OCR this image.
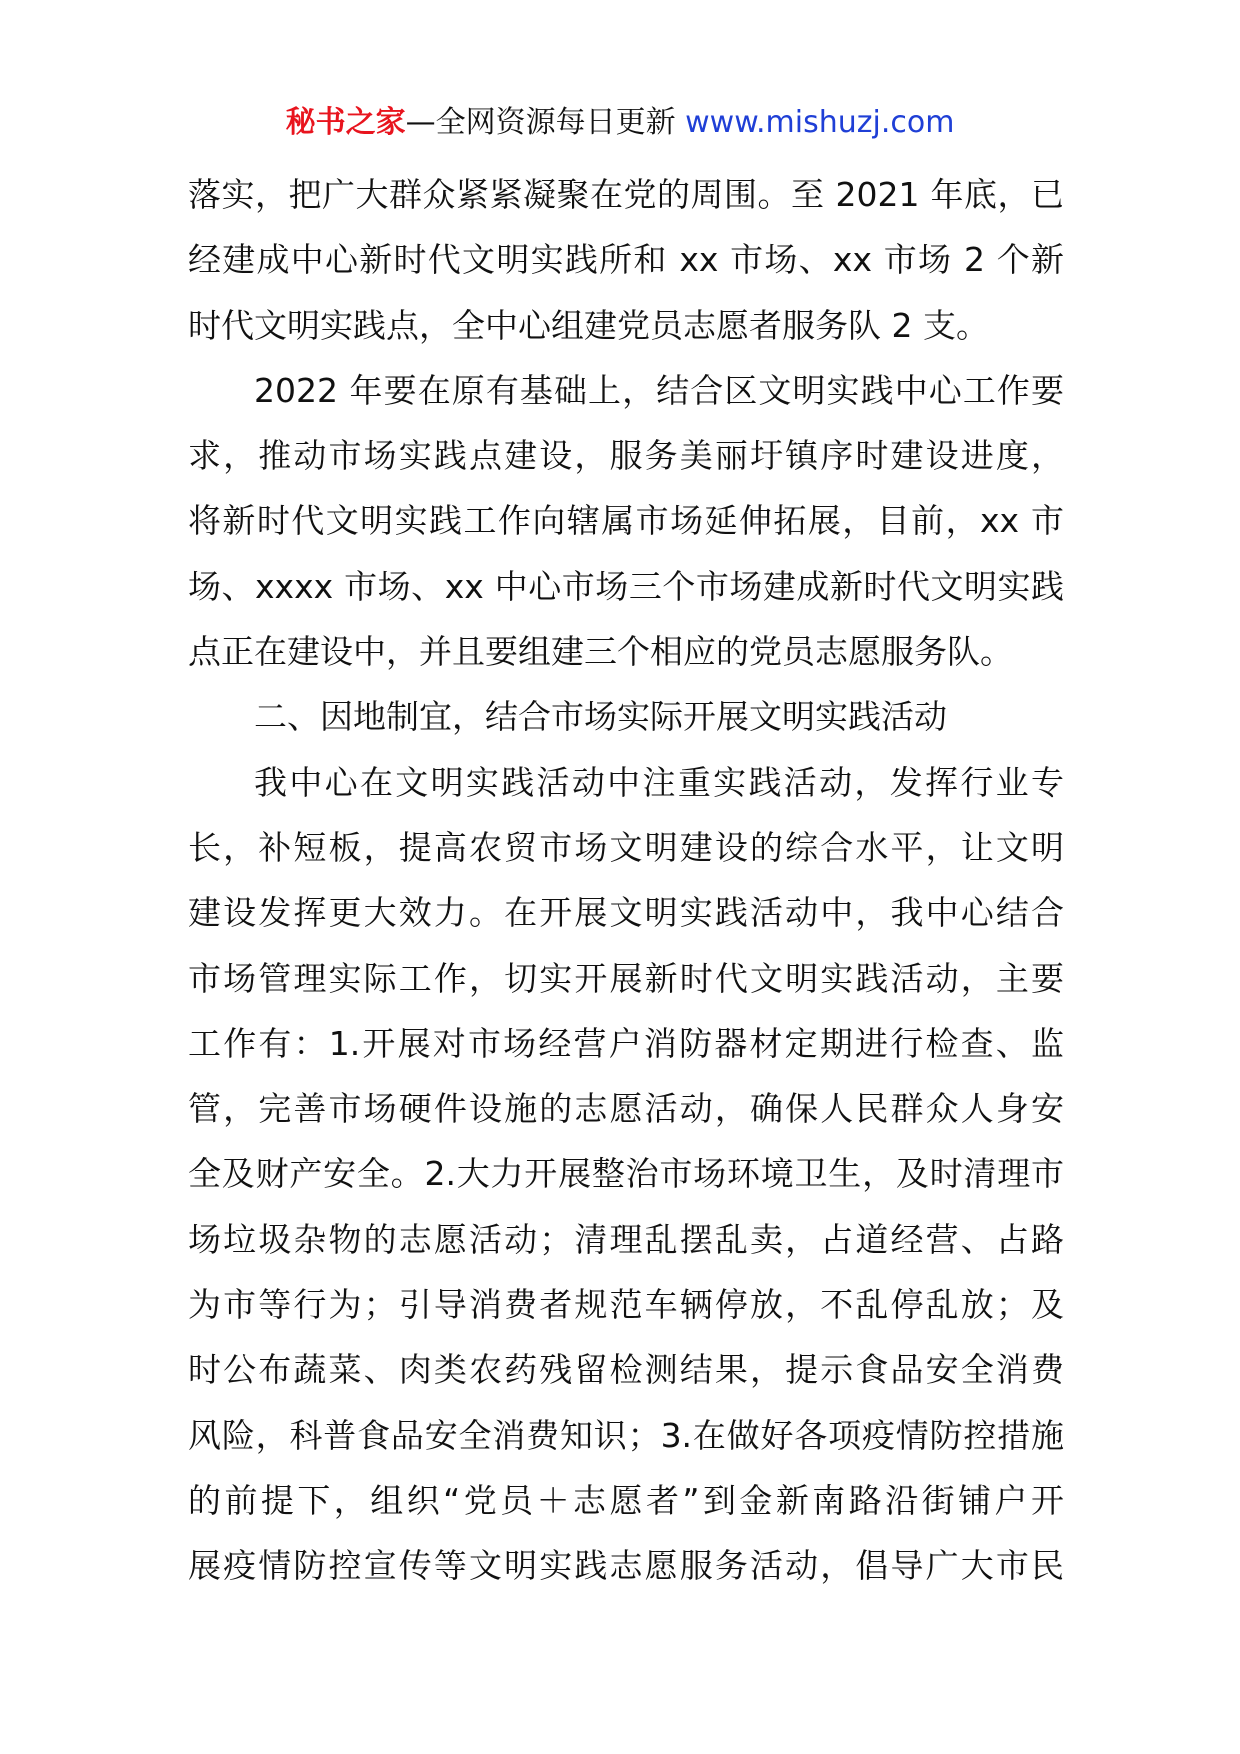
秘书之家—全网资源每日更新 www.mishuzj.com
落实，把广大群众紧紧凝聚在党的周围。至 2021 年底，已
经建成中心新时代文明实践所和 xx 市场、xx 市场 2 个新
时代文明实践点，全中心组建党员志愿者服务队 2 支。
2022 年要在原有基础上，结合区文明实践中心工作要
求，推动市场实践点建设，服务美丽圩镇序时建设进度，
将新时代文明实践工作向辖属市场延伸拓展，目前，xx 市
场、xxxx 市场、xx 中心市场三个市场建成新时代文明实践
点正在建设中，并且要组建三个相应的党员志愿服务队。
二、因地制宜，结合市场实际开展文明实践活动
我中心在文明实践活动中注重实践活动，发挥行业专
长，补短板，提高农贸市场文明建设的综合水平，让文明
建设发挥更大效力。在开展文明实践活动中，我中心结合
市场管理实际工作，切实开展新时代文明实践活动，主要
工作有：1.开展对市场经营户消防器材定期进行检查、监
管，完善市场硬件设施的志愿活动，确保人民群众人身安
全及财产安全。2.大力开展整治市场环境卫生，及时清理市
场垃圾杂物的志愿活动；清理乱摆乱卖，占道经营、占路
为市等行为；引导消费者规范车辆停放，不乱停乱放；及
时公布蔬菜、肉类农药残留检测结果，提示食品安全消费
风险，科普食品安全消费知识；3.在做好各项疫情防控措施
的前提下，组织“党员＋志愿者”到金新南路沿街铺户开
展疫情防控宣传等文明实践志愿服务活动，倡导广大市民
